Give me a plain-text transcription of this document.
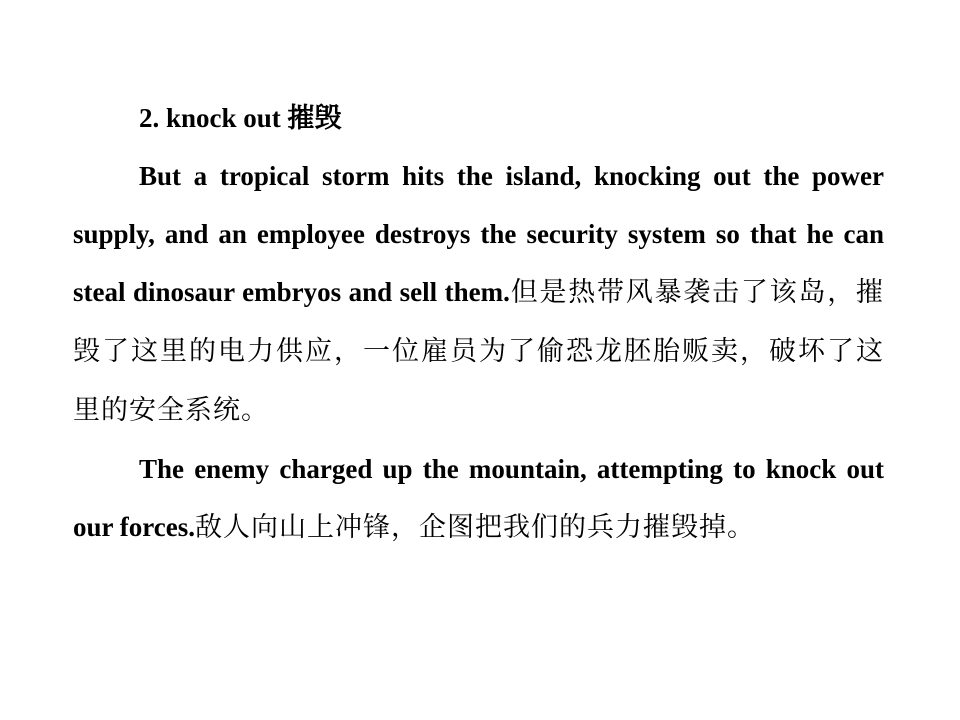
2. knock out 摧毁

But a tropical storm hits the island, knocking out the power supply, and an employee destroys the security system so that he can steal dinosaur embryos and sell them.但是热带风暴袭击了该岛，摧毁了这里的电力供应，一位雇员为了偷恐龙胚胎贩卖，破坏了这里的安全系统。

The enemy charged up the mountain, attempting to knock out our forces.敌人向山上冲锋，企图把我们的兵力摧毁掉。
